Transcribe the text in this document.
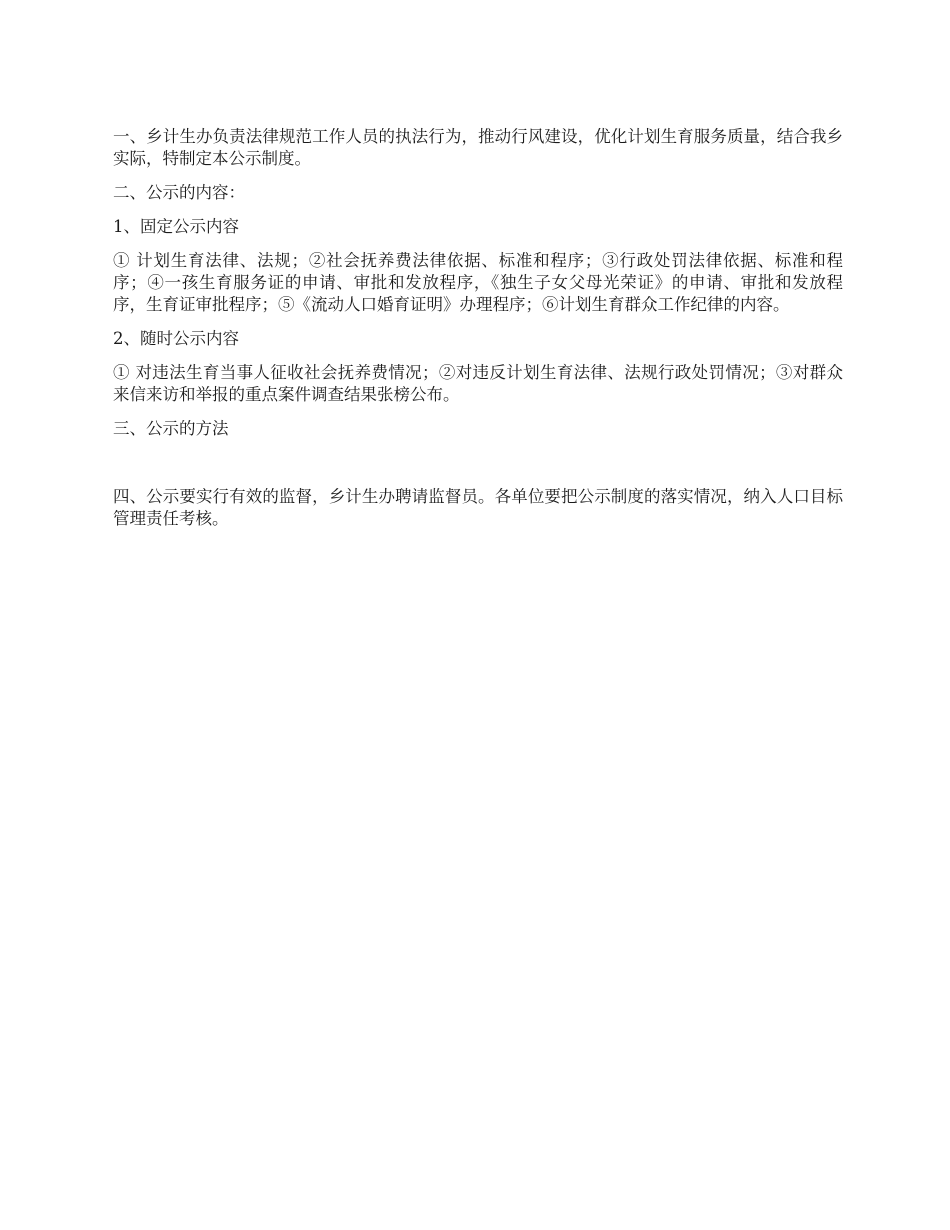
一、乡计生办负责法律规范工作人员的执法行为，推动行风建设，优化计划生育服务质量，结合我乡实际，特制定本公示制度。

二、公示的内容：

1、固定公示内容

① 计划生育法律、法规；②社会抚养费法律依据、标准和程序；③行政处罚法律依据、标准和程序；④一孩生育服务证的申请、审批和发放程序，《独生子女父母光荣证》的申请、审批和发放程序，生育证审批程序；⑤《流动人口婚育证明》办理程序；⑥计划生育群众工作纪律的内容。

2、随时公示内容

① 对违法生育当事人征收社会抚养费情况；②对违反计划生育法律、法规行政处罚情况；③对群众来信来访和举报的重点案件调查结果张榜公布。

三、公示的方法

四、公示要实行有效的监督，乡计生办聘请监督员。各单位要把公示制度的落实情况，纳入人口目标管理责任考核。
